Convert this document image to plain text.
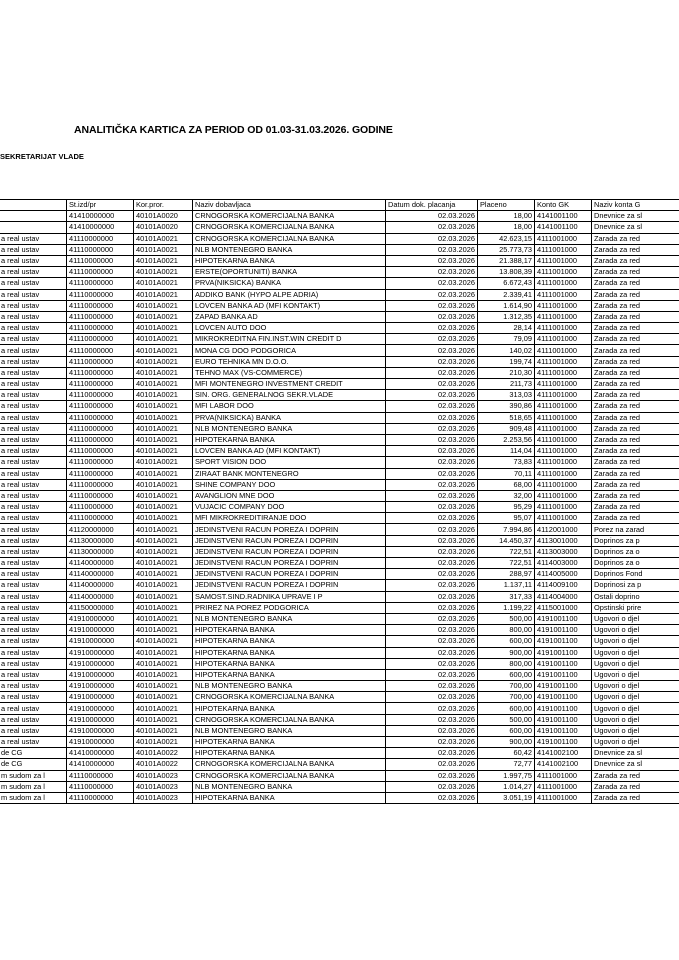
ANALITIČKA KARTICA ZA PERIOD OD 01.03-31.03.2026. GODINE
SEKRETARIJAT VLADE
	St.izd/pr	Kor.pror.	Naziv dobavljaca	Datum dok. placanja	Placeno	Konto GK	Naziv konta G
	41410000000	40101A0020	CRNOGORSKA KOMERCIJALNA BANKA	02.03.2026	18,00	4141001100	Dnevnice za sl
	41410000000	40101A0020	CRNOGORSKA KOMERCIJALNA BANKA	02.03.2026	18,00	4141001100	Dnevnice za sl
a real ustav	41110000000	40101A0021	CRNOGORSKA KOMERCIJALNA BANKA	02.03.2026	42.623,15	4111001000	Zarada za red
a real ustav	41110000000	40101A0021	NLB MONTENEGRO BANKA	02.03.2026	25.773,73	4111001000	Zarada za red
a real ustav	41110000000	40101A0021	HIPOTEKARNA BANKA	02.03.2026	21.388,17	4111001000	Zarada za red
a real ustav	41110000000	40101A0021	ERSTE(OPORTUNITI) BANKA	02.03.2026	13.808,39	4111001000	Zarada za red
a real ustav	41110000000	40101A0021	PRVA(NIKSICKA) BANKA	02.03.2026	6.672,43	4111001000	Zarada za red
a real ustav	41110000000	40101A0021	ADDIKO BANK (HYPO ALPE ADRIA)	02.03.2026	2.339,41	4111001000	Zarada za red
a real ustav	41110000000	40101A0021	LOVCEN BANKA AD (MFI KONTAKT)	02.03.2026	1.614,90	4111001000	Zarada za red
a real ustav	41110000000	40101A0021	ZAPAD BANKA AD	02.03.2026	1.312,35	4111001000	Zarada za red
a real ustav	41110000000	40101A0021	LOVCEN AUTO DOO	02.03.2026	28,14	4111001000	Zarada za red
a real ustav	41110000000	40101A0021	MIKROKREDITNA FIN.INST.WIN CREDIT D	02.03.2026	79,09	4111001000	Zarada za red
a real ustav	41110000000	40101A0021	MONA CG DOO PODGORICA	02.03.2026	140,02	4111001000	Zarada za red
a real ustav	41110000000	40101A0021	EURO TEHNIKA MN D.O.O.	02.03.2026	199,74	4111001000	Zarada za red
a real ustav	41110000000	40101A0021	TEHNO MAX (VS-COMMERCE)	02.03.2026	210,30	4111001000	Zarada za red
a real ustav	41110000000	40101A0021	MFI MONTENEGRO INVESTMENT CREDIT	02.03.2026	211,73	4111001000	Zarada za red
a real ustav	41110000000	40101A0021	SIN. ORG. GENERALNOG SEKR.VLADE	02.03.2026	313,03	4111001000	Zarada za red
a real ustav	41110000000	40101A0021	MFI LABOR DOO	02.03.2026	390,86	4111001000	Zarada za red
a real ustav	41110000000	40101A0021	PRVA(NIKSICKA) BANKA	02.03.2026	518,65	4111001000	Zarada za red
a real ustav	41110000000	40101A0021	NLB MONTENEGRO BANKA	02.03.2026	909,48	4111001000	Zarada za red
a real ustav	41110000000	40101A0021	HIPOTEKARNA BANKA	02.03.2026	2.253,56	4111001000	Zarada za red
a real ustav	41110000000	40101A0021	LOVCEN BANKA AD (MFI KONTAKT)	02.03.2026	114,04	4111001000	Zarada za red
a real ustav	41110000000	40101A0021	SPORT VISION DOO	02.03.2026	73,83	4111001000	Zarada za red
a real ustav	41110000000	40101A0021	ZIRAAT BANK MONTENEGRO	02.03.2026	70,11	4111001000	Zarada za red
a real ustav	41110000000	40101A0021	SHINE COMPANY DOO	02.03.2026	68,00	4111001000	Zarada za red
a real ustav	41110000000	40101A0021	AVANGLION MNE DOO	02.03.2026	32,00	4111001000	Zarada za red
a real ustav	41110000000	40101A0021	VUJACIC COMPANY DOO	02.03.2026	95,29	4111001000	Zarada za red
a real ustav	41110000000	40101A0021	MFI MIKROKREDITIRANJE DOO	02.03.2026	95,07	4111001000	Zarada za red
a real ustav	41120000000	40101A0021	JEDINSTVENI RACUN POREZA I DOPRIN	02.03.2026	7.994,86	4112001000	Porez na zarad
a real ustav	41130000000	40101A0021	JEDINSTVENI RACUN POREZA I DOPRIN	02.03.2026	14.450,37	4113001000	Doprinos za p
a real ustav	41130000000	40101A0021	JEDINSTVENI RACUN POREZA I DOPRIN	02.03.2026	722,51	4113003000	Doprinos za o
a real ustav	41140000000	40101A0021	JEDINSTVENI RACUN POREZA I DOPRIN	02.03.2026	722,51	4114003000	Doprinos za o
a real ustav	41140000000	40101A0021	JEDINSTVENI RACUN POREZA I DOPRIN	02.03.2026	288,97	4114005000	Doprinos Fond
a real ustav	41140000000	40101A0021	JEDINSTVENI RACUN POREZA I DOPRIN	02.03.2026	1.137,11	4114009100	Doprinosi za p
a real ustav	41140000000	40101A0021	SAMOST.SIND.RADNIKA UPRAVE I P	02.03.2026	317,33	4114004000	Ostali doprino
a real ustav	41150000000	40101A0021	PRIREZ NA POREZ PODGORICA	02.03.2026	1.199,22	4115001000	Opstinski prire
a real ustav	41910000000	40101A0021	NLB MONTENEGRO BANKA	02.03.2026	500,00	4191001100	Ugovori o djel
a real ustav	41910000000	40101A0021	HIPOTEKARNA BANKA	02.03.2026	800,00	4191001100	Ugovori o djel
a real ustav	41910000000	40101A0021	HIPOTEKARNA BANKA	02.03.2026	600,00	4191001100	Ugovori o djel
a real ustav	41910000000	40101A0021	HIPOTEKARNA BANKA	02.03.2026	900,00	4191001100	Ugovori o djel
a real ustav	41910000000	40101A0021	HIPOTEKARNA BANKA	02.03.2026	800,00	4191001100	Ugovori o djel
a real ustav	41910000000	40101A0021	HIPOTEKARNA BANKA	02.03.2026	600,00	4191001100	Ugovori o djel
a real ustav	41910000000	40101A0021	NLB MONTENEGRO BANKA	02.03.2026	700,00	4191001100	Ugovori o djel
a real ustav	41910000000	40101A0021	CRNOGORSKA KOMERCIJALNA BANKA	02.03.2026	700,00	4191001100	Ugovori o djel
a real ustav	41910000000	40101A0021	HIPOTEKARNA BANKA	02.03.2026	600,00	4191001100	Ugovori o djel
a real ustav	41910000000	40101A0021	CRNOGORSKA KOMERCIJALNA BANKA	02.03.2026	500,00	4191001100	Ugovori o djel
a real ustav	41910000000	40101A0021	NLB MONTENEGRO BANKA	02.03.2026	600,00	4191001100	Ugovori o djel
a real ustav	41910000000	40101A0021	HIPOTEKARNA BANKA	02.03.2026	900,00	4191001100	Ugovori o djel
de CG	41410000000	40101A0022	HIPOTEKARNA BANKA	02.03.2026	60,42	4141002100	Dnevnice za sl
de CG	41410000000	40101A0022	CRNOGORSKA KOMERCIJALNA BANKA	02.03.2026	72,77	4141002100	Dnevnice za sl
m sudom za l	41110000000	40101A0023	CRNOGORSKA KOMERCIJALNA BANKA	02.03.2026	1.997,75	4111001000	Zarada za red
m sudom za l	41110000000	40101A0023	NLB MONTENEGRO BANKA	02.03.2026	1.014,27	4111001000	Zarada za red
m sudom za l	41110000000	40101A0023	HIPOTEKARNA BANKA	02.03.2026	3.051,19	4111001000	Zarada za red
